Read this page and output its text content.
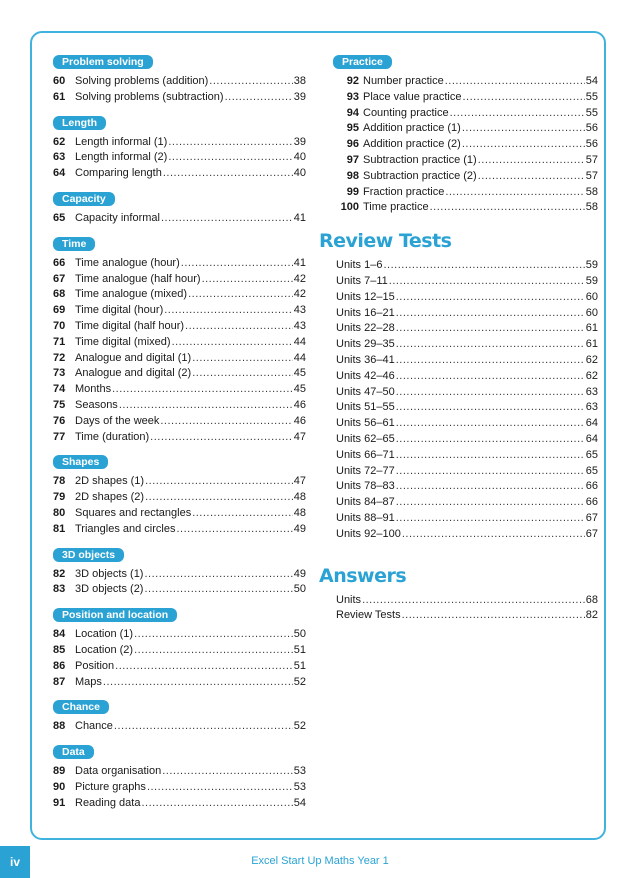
Problem solving
60 Solving problems (addition) .....	38
61 Solving problems (subtraction) .....	39
Length
62 Length informal (1) .....	39
63 Length informal (2) .....	40
64 Comparing length .....	40
Capacity
65 Capacity informal .....	41
Time
66 Time analogue (hour) .....	41
67 Time analogue (half hour) .....	42
68 Time analogue (mixed) .....	42
69 Time digital (hour) .....	43
70 Time digital (half hour) .....	43
71 Time digital (mixed) .....	44
72 Analogue and digital (1) .....	44
73 Analogue and digital (2) .....	45
74 Months .....	45
75 Seasons .....	46
76 Days of the week .....	46
77 Time (duration) .....	47
Shapes
78 2D shapes (1) .....	47
79 2D shapes (2) .....	48
80 Squares and rectangles .....	48
81 Triangles and circles .....	49
3D objects
82 3D objects (1) .....	49
83 3D objects (2) .....	50
Position and location
84 Location (1) .....	50
85 Location (2) .....	51
86 Position .....	51
87 Maps .....	52
Chance
88 Chance .....	52
Data
89 Data organisation .....	53
90 Picture graphs .....	53
91 Reading data .....	54
Practice
92 Number practice .....	54
93 Place value practice .....	55
94 Counting practice .....	55
95 Addition practice (1) .....	56
96 Addition practice (2) .....	56
97 Subtraction practice (1) .....	57
98 Subtraction practice (2) .....	57
99 Fraction practice .....	58
100 Time practice .....	58
Review Tests
Units 1–6 .....	59
Units 7–11 .....	59
Units 12–15 .....	60
Units 16–21 .....	60
Units 22–28 .....	61
Units 29–35 .....	61
Units 36–41 .....	62
Units 42–46 .....	62
Units 47–50 .....	63
Units 51–55 .....	63
Units 56–61 .....	64
Units 62–65 .....	64
Units 66–71 .....	65
Units 72–77 .....	65
Units 78–83 .....	66
Units 84–87 .....	66
Units 88–91 .....	67
Units 92–100 .....	67
Answers
Units .....	68
Review Tests .....	82
iv	Excel Start Up Maths Year 1
